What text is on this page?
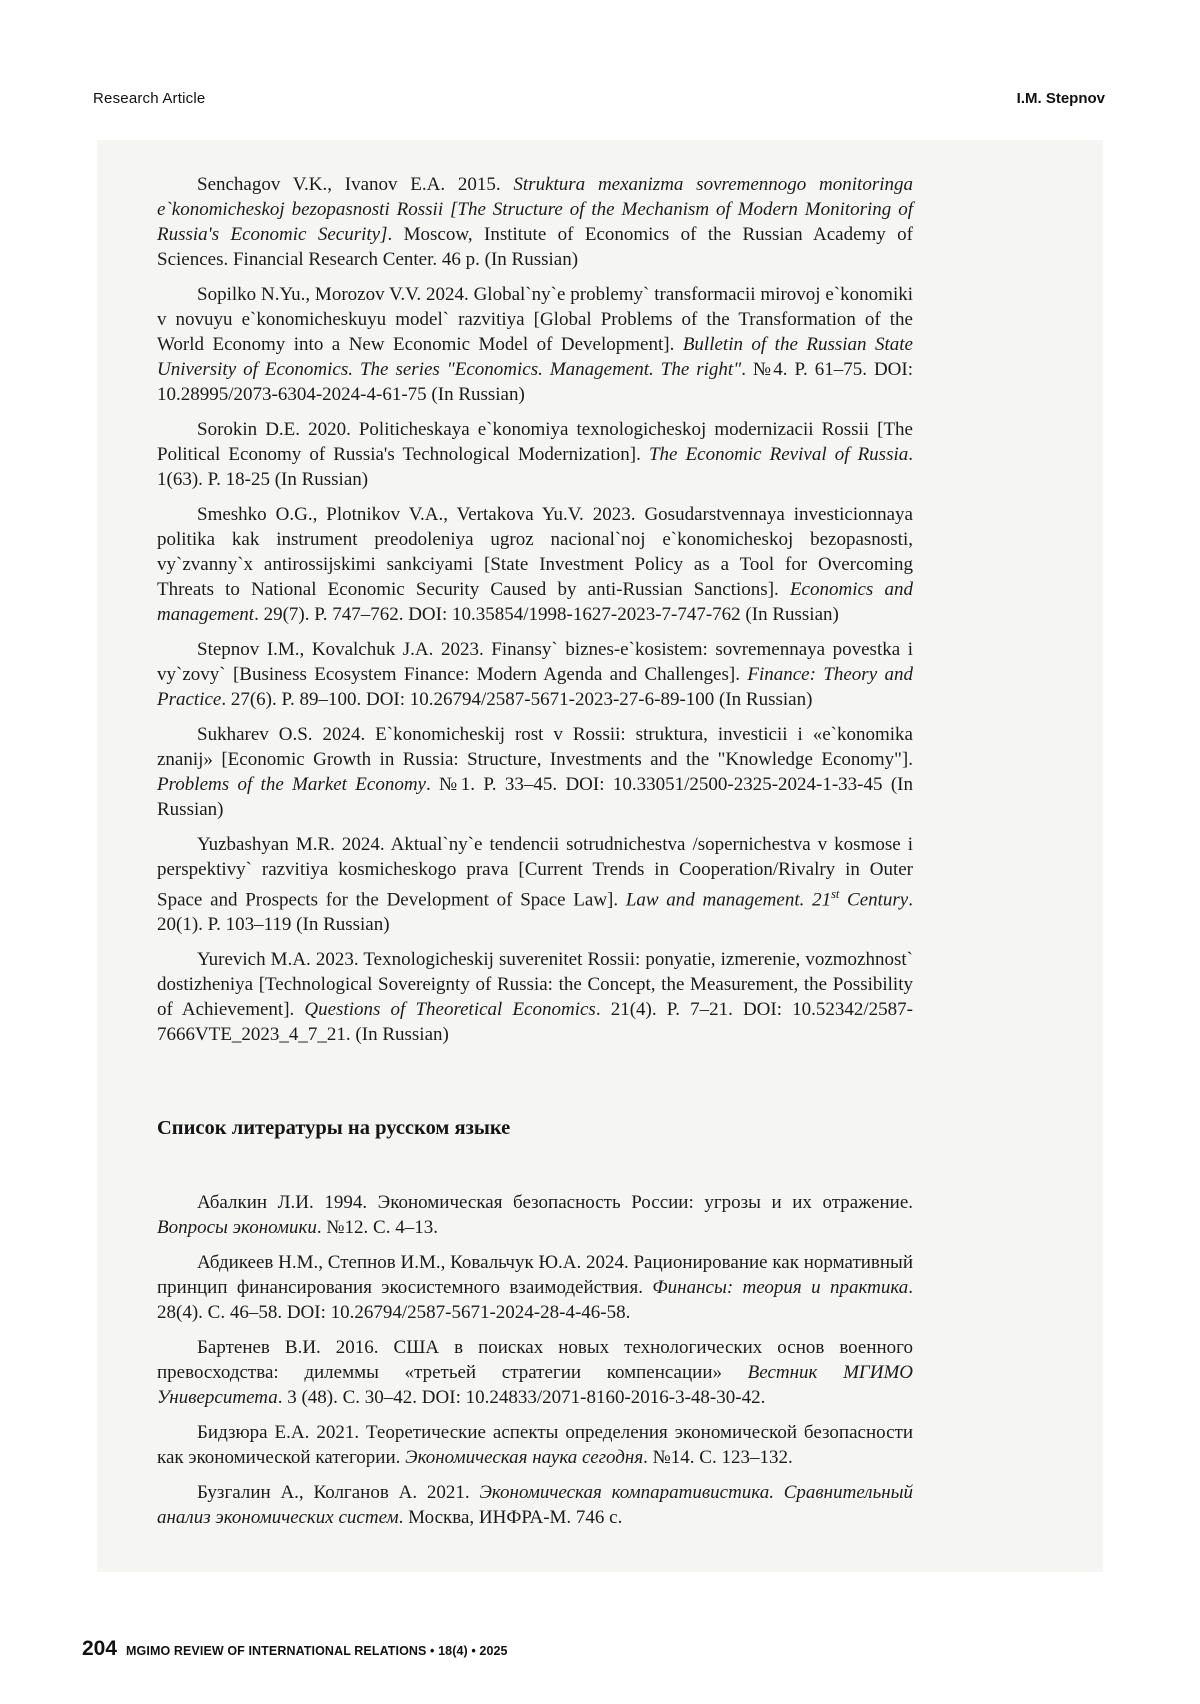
Research Article	I.M. Stepnov

Senchagov V.K., Ivanov E.A. 2015. Struktura mexanizma sovremennogo monitoringa e`konomicheskoj bezopasnosti Rossii [The Structure of the Mechanism of Modern Monitoring of Russia's Economic Security]. Moscow, Institute of Economics of the Russian Academy of Sciences. Financial Research Center. 46 p. (In Russian)

Sopilko N.Yu., Morozov V.V. 2024. Global`ny`e problemy` transformacii mirovoj e`konomiki v novuyu e`konomicheskuyu model` razvitiya [Global Problems of the Transformation of the World Economy into a New Economic Model of Development]. Bulletin of the Russian State University of Economics. The series "Economics. Management. The right". №4. P. 61–75. DOI: 10.28995/2073-6304-2024-4-61-75 (In Russian)

Sorokin D.E. 2020. Politicheskaya e`konomiya texnologicheskoj modernizacii Rossii [The Political Economy of Russia's Technological Modernization]. The Economic Revival of Russia. 1(63). P. 18-25 (In Russian)

Smeshko O.G., Plotnikov V.A., Vertakova Yu.V. 2023. Gosudarstvennaya investicionnaya politika kak instrument preodoleniya ugroz nacional`noj e`konomicheskoj bezopasnosti, vy`zvanny`x antirossijskimi sankciyami [State Investment Policy as a Tool for Overcoming Threats to National Economic Security Caused by anti-Russian Sanctions]. Economics and management. 29(7). P. 747–762. DOI: 10.35854/1998-1627-2023-7-747-762 (In Russian)

Stepnov I.M., Kovalchuk J.A. 2023. Finansy` biznes-e`kosistem: sovremennaya povestka i vy`zovy` [Business Ecosystem Finance: Modern Agenda and Challenges]. Finance: Theory and Practice. 27(6). P. 89–100. DOI: 10.26794/2587-5671-2023-27-6-89-100 (In Russian)

Sukharev O.S. 2024. E`konomicheskij rost v Rossii: struktura, investicii i «e`konomika znanij» [Economic Growth in Russia: Structure, Investments and the "Knowledge Economy"]. Problems of the Market Economy. №1. P. 33–45. DOI: 10.33051/2500-2325-2024-1-33-45 (In Russian)

Yuzbashyan M.R. 2024. Aktual`ny`e tendencii sotrudnichestva /sopernichestva v kosmose i perspektivy` razvitiya kosmicheskogo prava [Current Trends in Cooperation/Rivalry in Outer Space and Prospects for the Development of Space Law]. Law and management. 21st Century. 20(1). P. 103–119 (In Russian)

Yurevich M.A. 2023. Texnologicheskij suverenitet Rossii: ponyatie, izmerenie, vozmozhnost` dostizheniya [Technological Sovereignty of Russia: the Concept, the Measurement, the Possibility of Achievement]. Questions of Theoretical Economics. 21(4). P. 7–21. DOI: 10.52342/2587-7666VTE_2023_4_7_21. (In Russian)

Список литературы на русском языке

Абалкин Л.И. 1994. Экономическая безопасность России: угрозы и их отражение. Вопросы экономики. №12. С. 4–13.

Абдикеев Н.М., Степнов И.М., Ковальчук Ю.А. 2024. Рационирование как нормативный принцип финансирования экосистемного взаимодействия. Финансы: теория и практика. 28(4). С. 46–58. DOI: 10.26794/2587-5671-2024-28-4-46-58.

Бартенев В.И. 2016. США в поисках новых технологических основ военного превосходства: дилеммы «третьей стратегии компенсации» Вестник МГИМО Университета. 3 (48). С. 30–42. DOI: 10.24833/2071-8160-2016-3-48-30-42.

Бидзюра Е.А. 2021. Теоретические аспекты определения экономической безопасности как экономической категории. Экономическая наука сегодня. №14. С. 123–132.

Бузгалин А., Колганов А. 2021. Экономическая компаративистика. Сравнительный анализ экономических систем. Москва, ИНФРА-М. 746 с.

204 MGIMO REVIEW OF INTERNATIONAL RELATIONS • 18(4) • 2025
